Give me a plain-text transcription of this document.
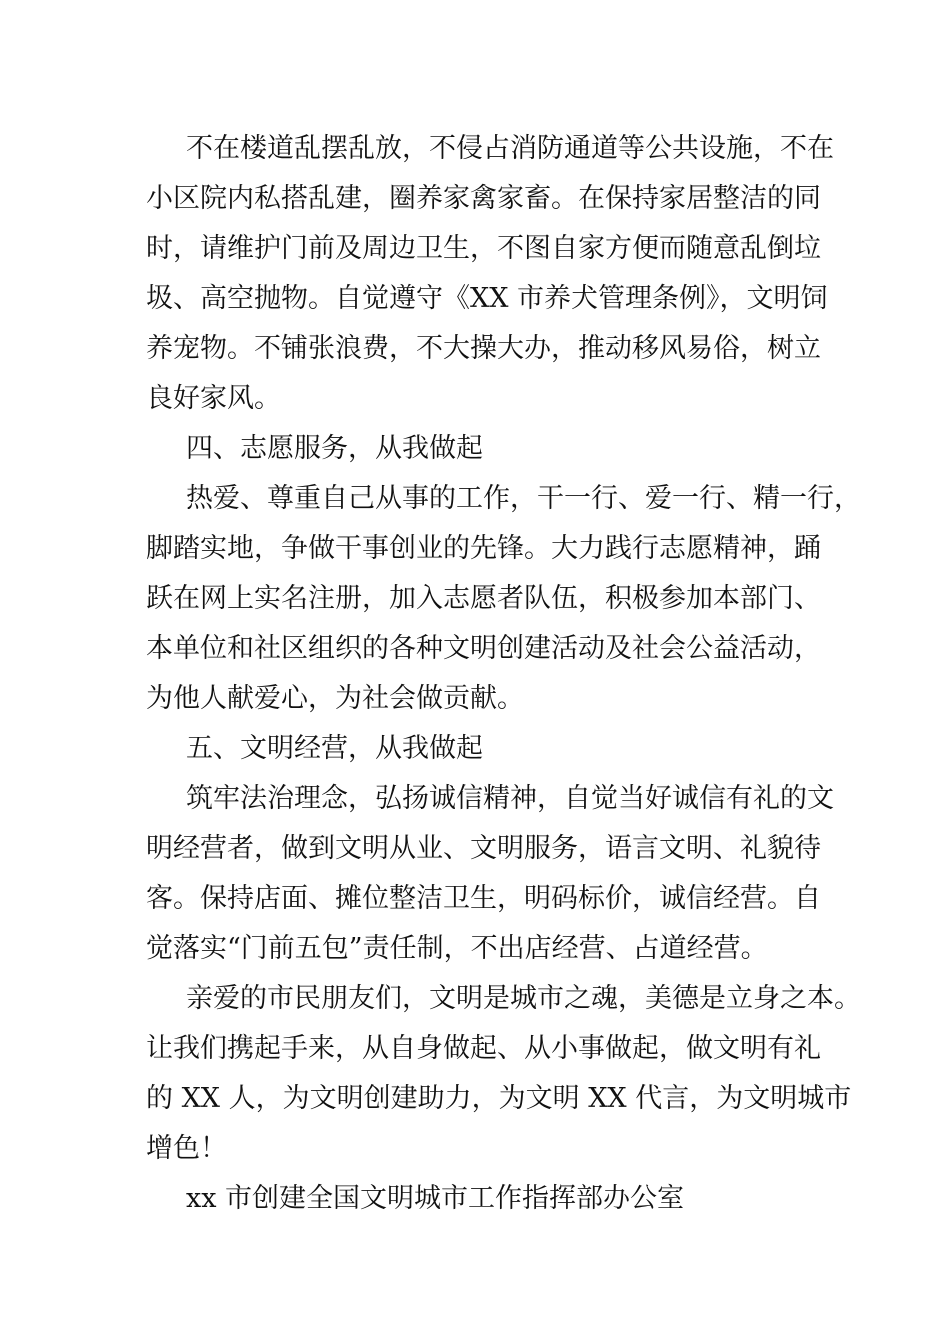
不在楼道乱摆乱放，不侵占消防通道等公共设施，不在
小区院内私搭乱建，圈养家禽家畜。在保持家居整洁的同
时，请维护门前及周边卫生，不图自家方便而随意乱倒垃
圾、高空抛物。自觉遵守《XX 市养犬管理条例》，文明饲
养宠物。不铺张浪费，不大操大办，推动移风易俗，树立
良好家风。
四、志愿服务，从我做起
热爱、尊重自己从事的工作，干一行、爱一行、精一行，
脚踏实地，争做干事创业的先锋。大力践行志愿精神，踊
跃在网上实名注册，加入志愿者队伍，积极参加本部门、
本单位和社区组织的各种文明创建活动及社会公益活动，
为他人献爱心，为社会做贡献。
五、文明经营，从我做起
筑牢法治理念，弘扬诚信精神，自觉当好诚信有礼的文
明经营者，做到文明从业、文明服务，语言文明、礼貌待
客。保持店面、摊位整洁卫生，明码标价，诚信经营。自
觉落实“门前五包”责任制，不出店经营、占道经营。
亲爱的市民朋友们，文明是城市之魂，美德是立身之本。
让我们携起手来，从自身做起、从小事做起，做文明有礼
的 XX 人，为文明创建助力，为文明 XX 代言，为文明城市
增色！
xx 市创建全国文明城市工作指挥部办公室
